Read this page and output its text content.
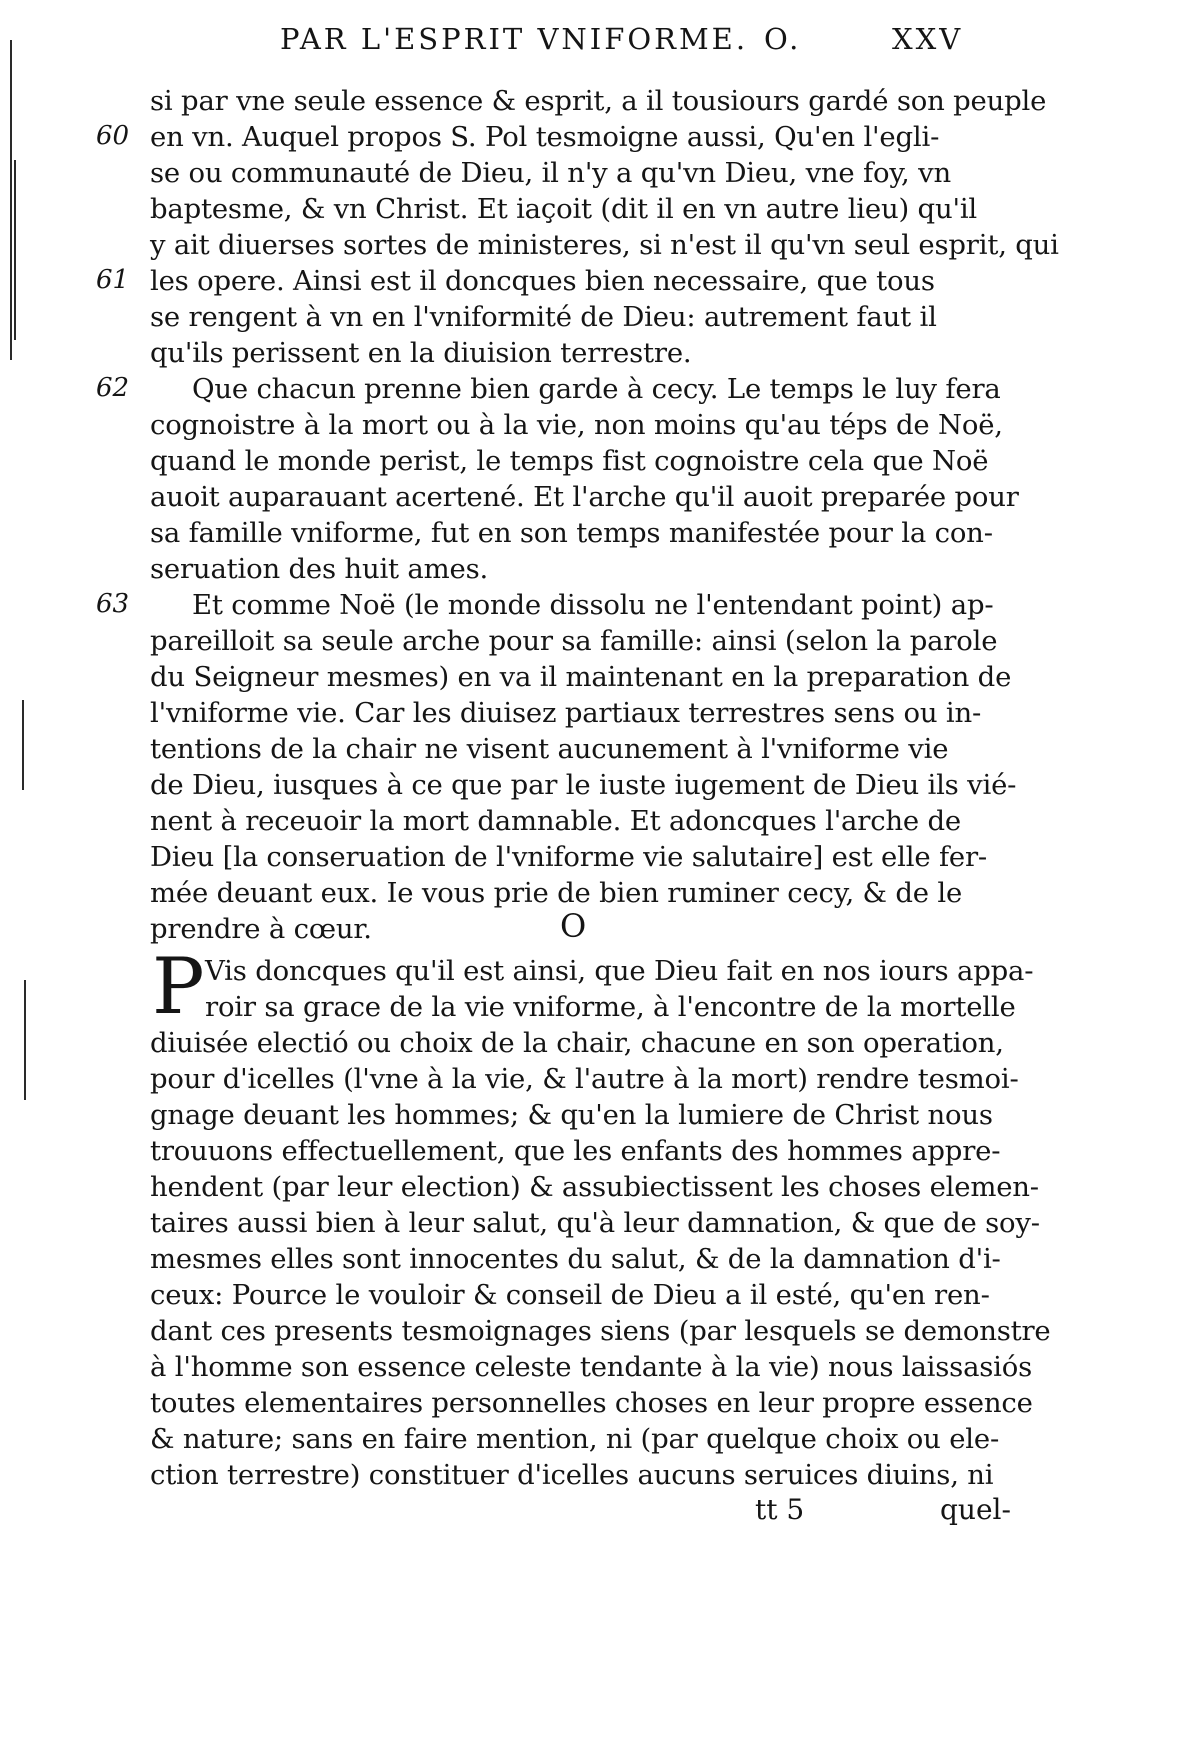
PAR L'ESPRIT VNIFORME. O.	XXV
60
61
62
63
si par vne seule essence & esprit, a il tousiours gardé son peuple
en vn. Auquel propos S. Pol tesmoigne aussi, Qu'en l'egli-
se ou communauté de Dieu, il n'y a qu'vn Dieu, vne foy, vn
baptesme, & vn Christ. Et iaçoit (dit il en vn autre lieu) qu'il
y ait diuerses sortes de ministeres, si n'est il qu'vn seul esprit, qui
les opere. Ainsi est il doncques bien necessaire, que tous
se rengent à vn en l'vniformité de Dieu: autrement faut il
qu'ils perissent en la diuision terrestre.
Que chacun prenne bien garde à cecy. Le temps le luy fera
cognoistre à la mort ou à la vie, non moins qu'au téps de Noë,
quand le monde perist, le temps fist cognoistre cela que Noë
auoit auparauant acertené. Et l'arche qu'il auoit preparée pour
sa famille vniforme, fut en son temps manifestée pour la con-
seruation des huit ames.
Et comme Noë (le monde dissolu ne l'entendant point) ap-
pareilloit sa seule arche pour sa famille: ainsi (selon la parole
du Seigneur mesmes) en va il maintenant en la preparation de
l'vniforme vie. Car les diuisez partiaux terrestres sens ou in-
tentions de la chair ne visent aucunement à l'vniforme vie
de Dieu, iusques à ce que par le iuste iugement de Dieu ils vié-
nent à receuoir la mort damnable. Et adoncques l'arche de
Dieu [la conseruation de l'vniforme vie salutaire] est elle fer-
mée deuant eux. Ie vous prie de bien ruminer cecy, & de le
prendre à cœur.	O
P Vis doncques qu'il est ainsi, que Dieu fait en nos iours appa-
roir sa grace de la vie vniforme, à l'encontre de la mortelle
diuisée electió ou choix de la chair, chacune en son operation,
pour d'icelles (l'vne à la vie, & l'autre à la mort) rendre tesmoi-
gnage deuant les hommes; & qu'en la lumiere de Christ nous
trouuons effectuellement, que les enfants des hommes appre-
hendent (par leur election) & assubiectissent les choses elemen-
taires aussi bien à leur salut, qu'à leur damnation, & que de soy-
mesmes elles sont innocentes du salut, & de la damnation d'i-
ceux: Pource le vouloir & conseil de Dieu a il esté, qu'en ren-
dant ces presents tesmoignages siens (par lesquels se demonstre
à l'homme son essence celeste tendante à la vie) nous laissasiós
toutes elementaires personnelles choses en leur propre essence
& nature; sans en faire mention, ni (par quelque choix ou ele-
ction terrestre) constituer d'icelles aucuns seruices diuins, ni
tt 5	quel-
